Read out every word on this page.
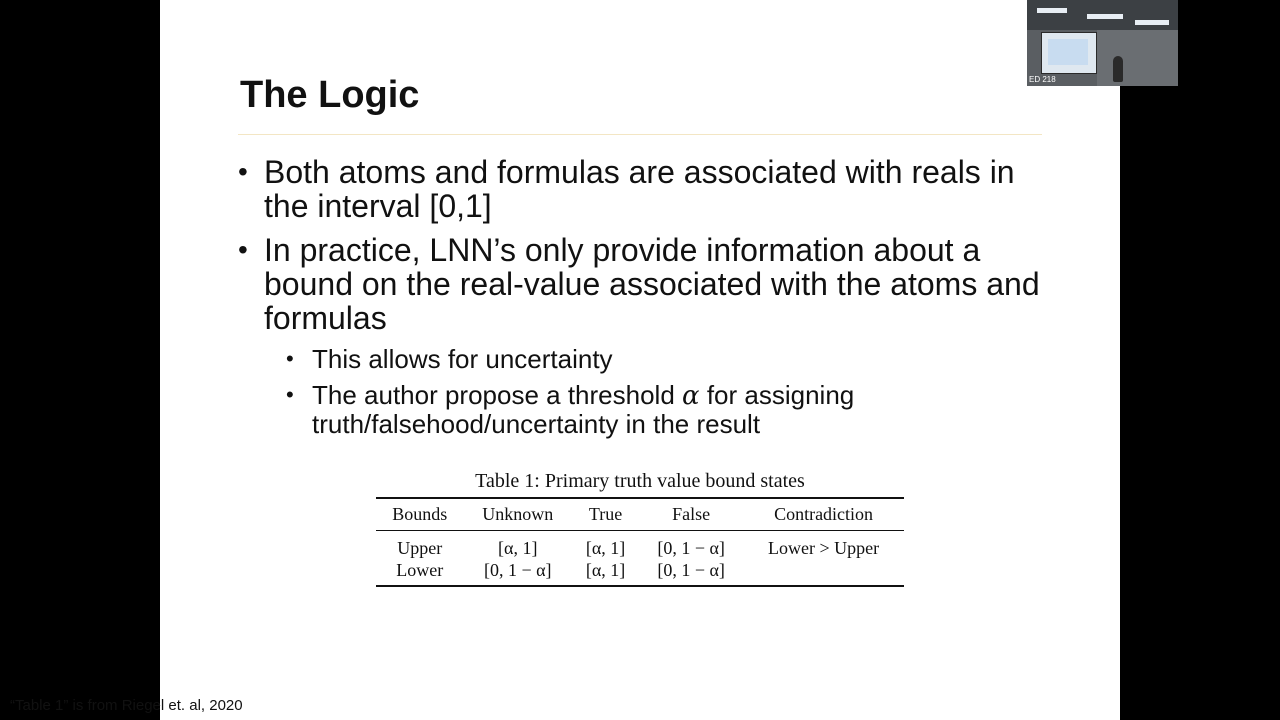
The Logic
• Both atoms and formulas are associated with reals in the interval [0,1]
• In practice, LNN’s only provide information about a bound on the real-value associated with the atoms and formulas
• This allows for uncertainty
• The author propose a threshold α for assigning truth/falsehood/uncertainty in the result
Table 1: Primary truth value bound states
Bounds	Unknown	True	False	Contradiction
Upper	[α, 1]	[α, 1]	[0, 1 − α]	Lower > Upper
Lower	[0, 1 − α]	[α, 1]	[0, 1 − α]	
“Table 1” is from Riegel et. al, 2020
ED 218
